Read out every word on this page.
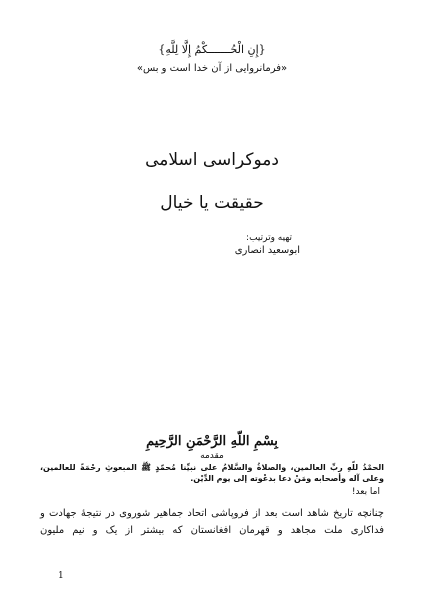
{إِنِ الْحُـــــــكْمُ إِلَّا لِلَّهِ}
«فرمانروایی از آن خدا است و بس»
دموکراسی اسلامی
حقیقت یا خیال
تهیه وترتیب:
ابوسعید انصاری
بِسْمِ اللّهِ الرَّحْمَنِ الرَّحِيمِ
مقدمه
الحمْدُ للّهِ ربِّ العالمين، والصلاةُ والسَّلامُ على نبيِّنا مُحمّدٍ ﷺ المبعوثِ رحْمَةً للعالمين، وعلى آله وأصحابه ومَنْ دعا بدعْوته إلى يوم الدِّيْن.
اما بعد!
چنانچه تاریخ شاهد است بعد از فروپاشی اتحاد جماهیر شوروی در نتیجۀ جهادت و فداکاری ملت مجاهد و قهرمان افغانستان که بیشتر از یک و نیم ملیون
1
